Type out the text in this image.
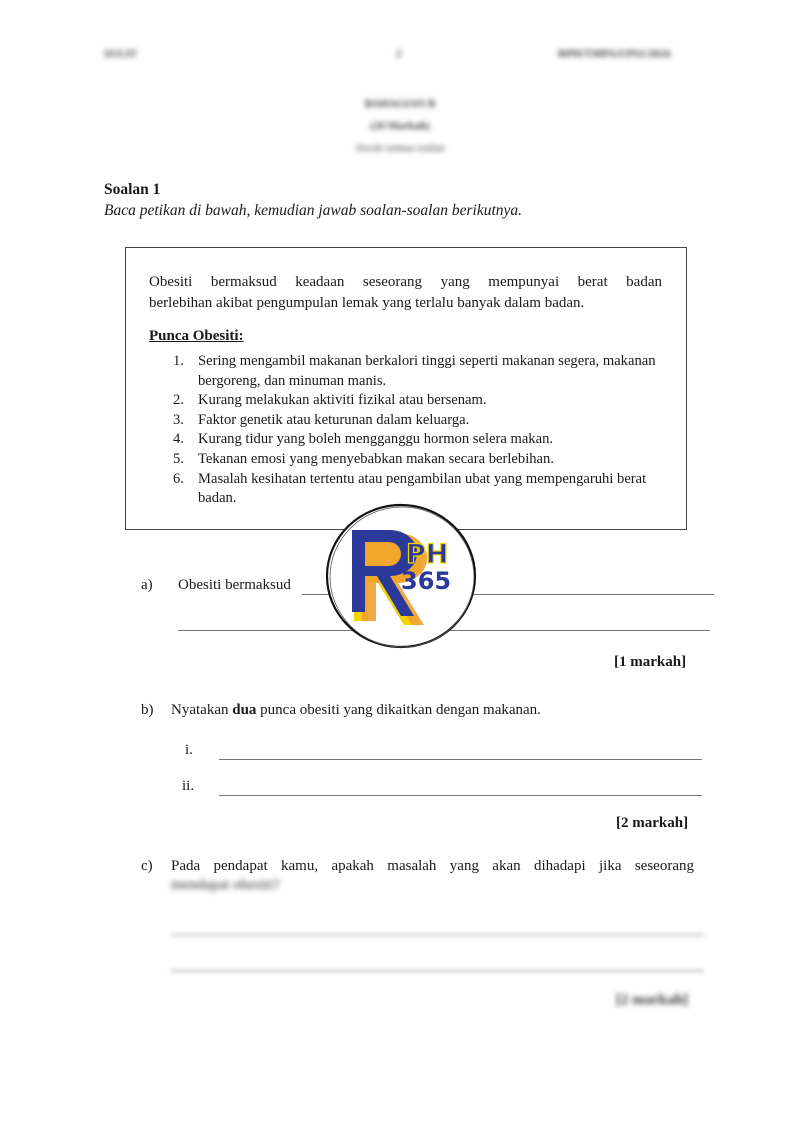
SULIT	2	RPH/TMPA/UPS1/2024
BAHAGIAN B
(20 Markah)
Jawab semua soalan
Soalan 1
Baca petikan di bawah, kemudian jawab soalan-soalan berikutnya.
Obesiti bermaksud keadaan seseorang yang mempunyai berat badan
berlebihan akibat pengumpulan lemak yang terlalu banyak dalam badan.
Punca Obesiti:
1. Sering mengambil makanan berkalori tinggi seperti makanan segera, makanan bergoreng, dan minuman manis.
2. Kurang melakukan aktiviti fizikal atau bersenam.
3. Faktor genetik atau keturunan dalam keluarga.
4. Kurang tidur yang boleh mengganggu hormon selera makan.
5. Tekanan emosi yang menyebabkan makan secara berlebihan.
6. Masalah kesihatan tertentu atau pengambilan ubat yang mempengaruhi berat badan.
a) Obesiti bermaksud
[1 markah]
PH
365
b) Nyatakan dua punca obesiti yang dikaitkan dengan makanan.
i.
ii.
[2 markah]
c) Pada pendapat kamu, apakah masalah yang akan dihadapi jika seseorang
mendapat obesiti?
[2 markah]
